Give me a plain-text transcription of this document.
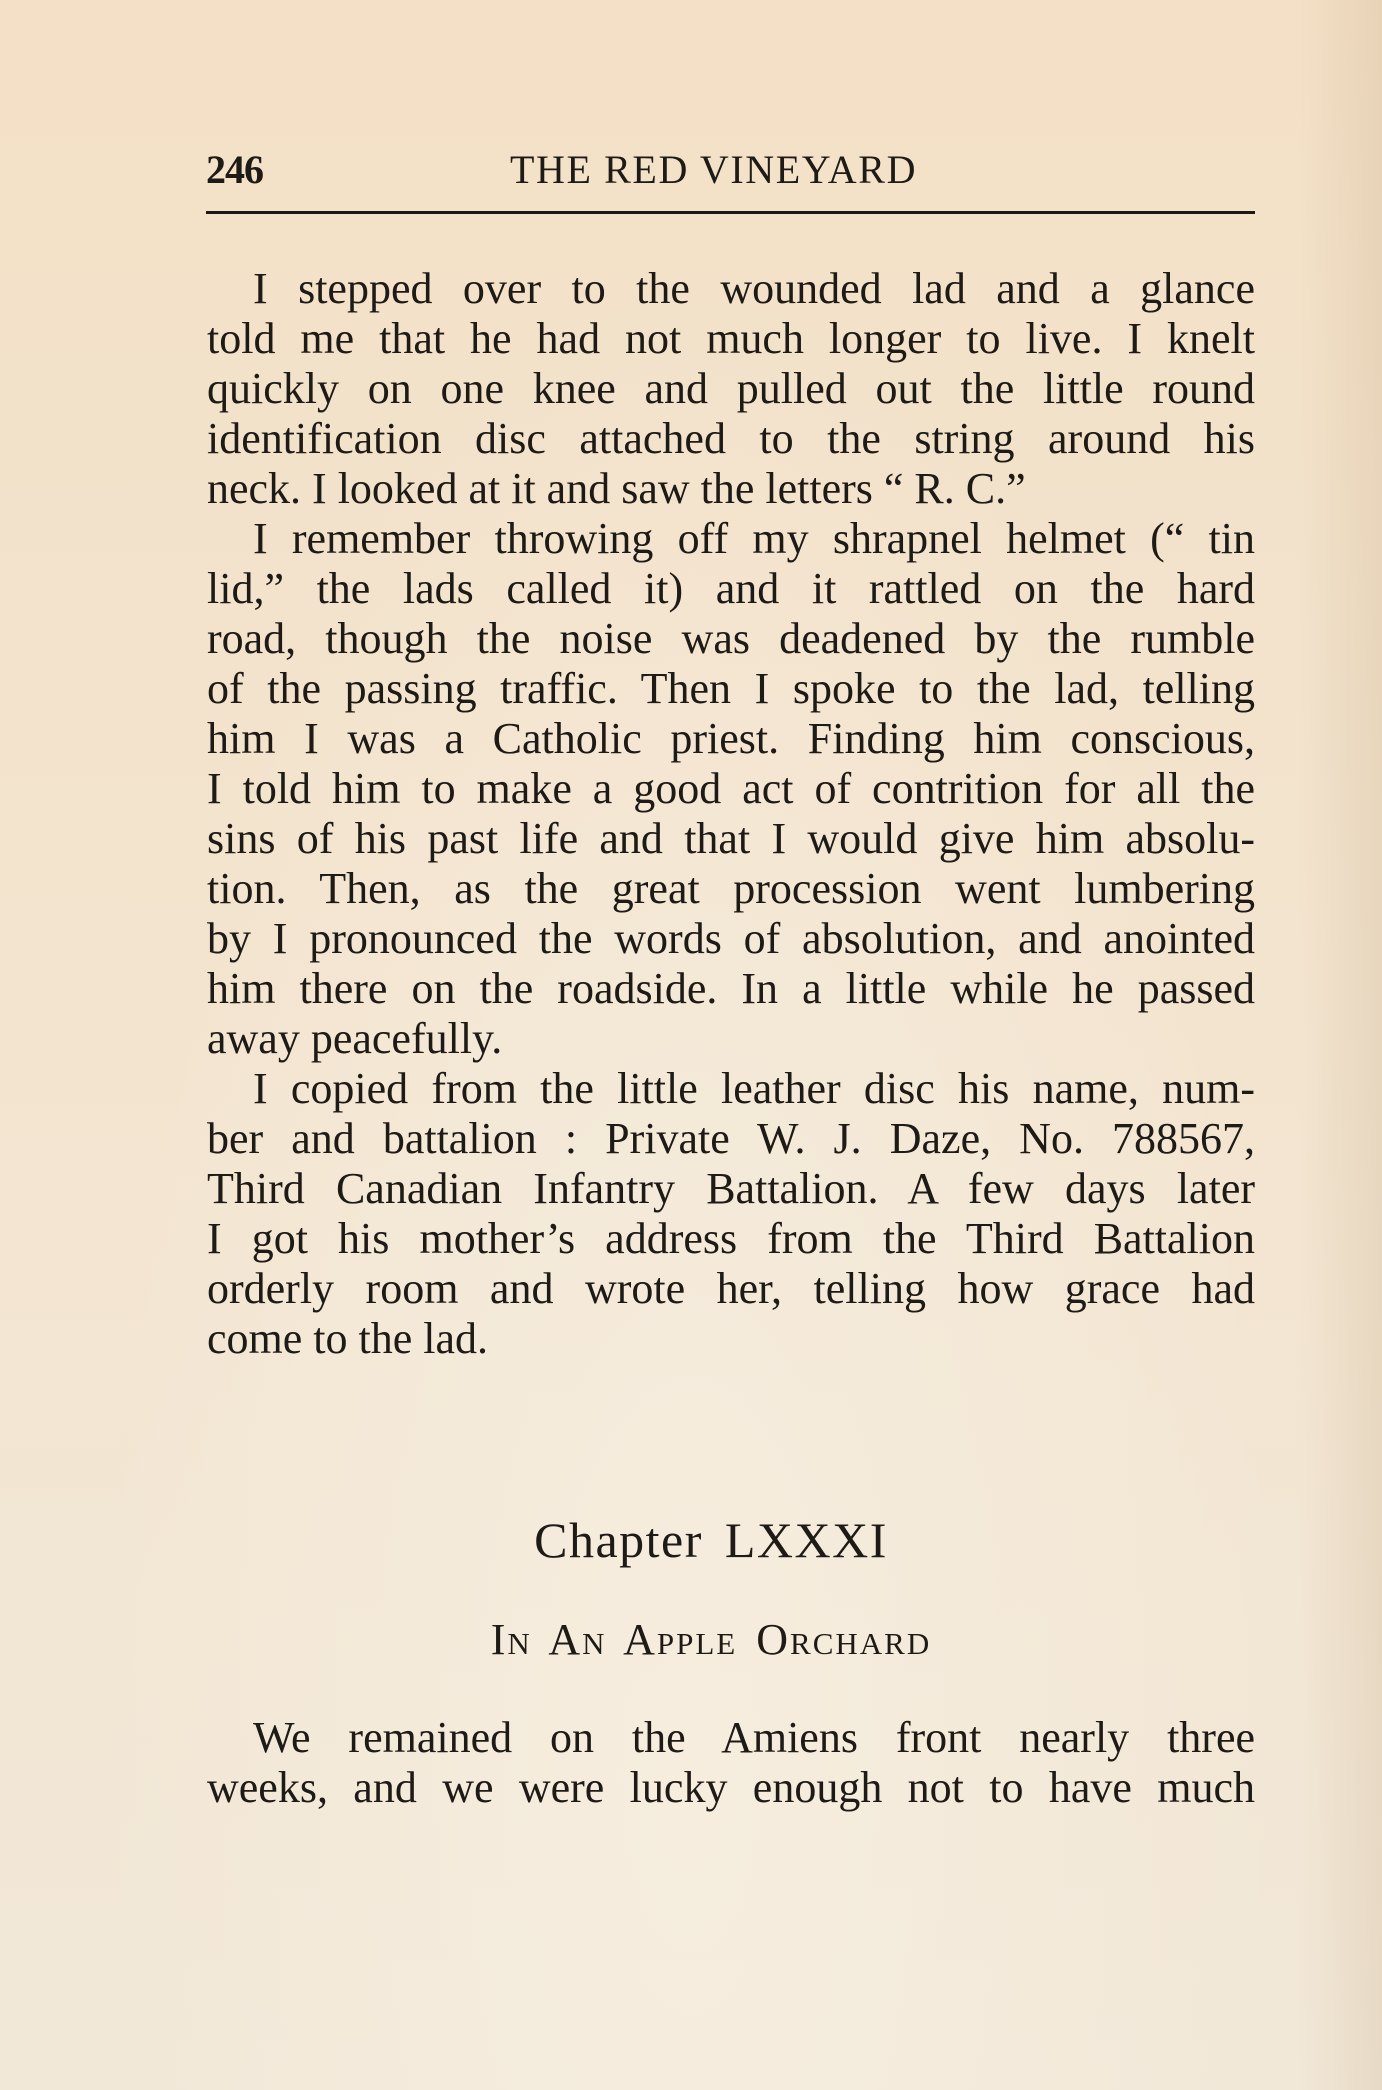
246	THE RED VINEYARD
I stepped over to the wounded lad and a glance
told me that he had not much longer to live. I knelt
quickly on one knee and pulled out the little round
identification disc attached to the string around his
neck. I looked at it and saw the letters “ R. C.”
I remember throwing off my shrapnel helmet (“ tin
lid,” the lads called it) and it rattled on the hard
road, though the noise was deadened by the rumble
of the passing traffic. Then I spoke to the lad, telling
him I was a Catholic priest. Finding him conscious,
I told him to make a good act of contrition for all the
sins of his past life and that I would give him absolu-
tion. Then, as the great procession went lumbering
by I pronounced the words of absolution, and anointed
him there on the roadside. In a little while he passed
away peacefully.
I copied from the little leather disc his name, num-
ber and battalion : Private W. J. Daze, No. 788567,
Third Canadian Infantry Battalion. A few days later
I got his mother’s address from the Third Battalion
orderly room and wrote her, telling how grace had
come to the lad.
Chapter LXXXI
In An Apple Orchard
We remained on the Amiens front nearly three
weeks, and we were lucky enough not to have much
